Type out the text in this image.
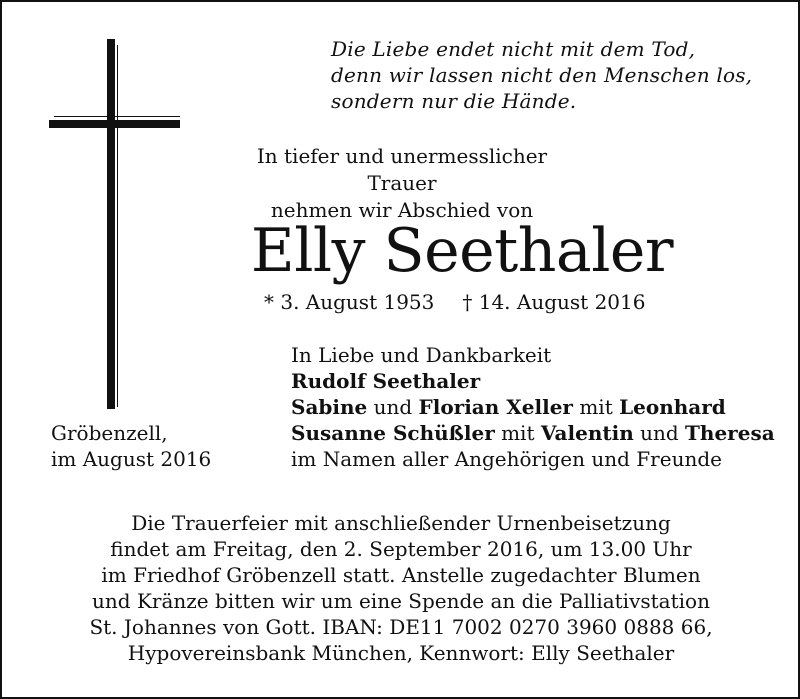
Die Liebe endet nicht mit dem Tod,
denn wir lassen nicht den Menschen los,
sondern nur die Hände.
In tiefer und unermesslicher Trauer
nehmen wir Abschied von
Elly Seethaler
* 3. August 1953 † 14. August 2016
In Liebe und Dankbarkeit
Rudolf Seethaler
Sabine und Florian Xeller mit Leonhard
Susanne Schüßler mit Valentin und Theresa
im Namen aller Angehörigen und Freunde
Gröbenzell,
im August 2016
Die Trauerfeier mit anschließender Urnenbeisetzung
findet am Freitag, den 2. September 2016, um 13.00 Uhr
im Friedhof Gröbenzell statt. Anstelle zugedachter Blumen
und Kränze bitten wir um eine Spende an die Palliativstation
St. Johannes von Gott. IBAN: DE11 7002 0270 3960 0888 66,
Hypovereinsbank München, Kennwort: Elly Seethaler
